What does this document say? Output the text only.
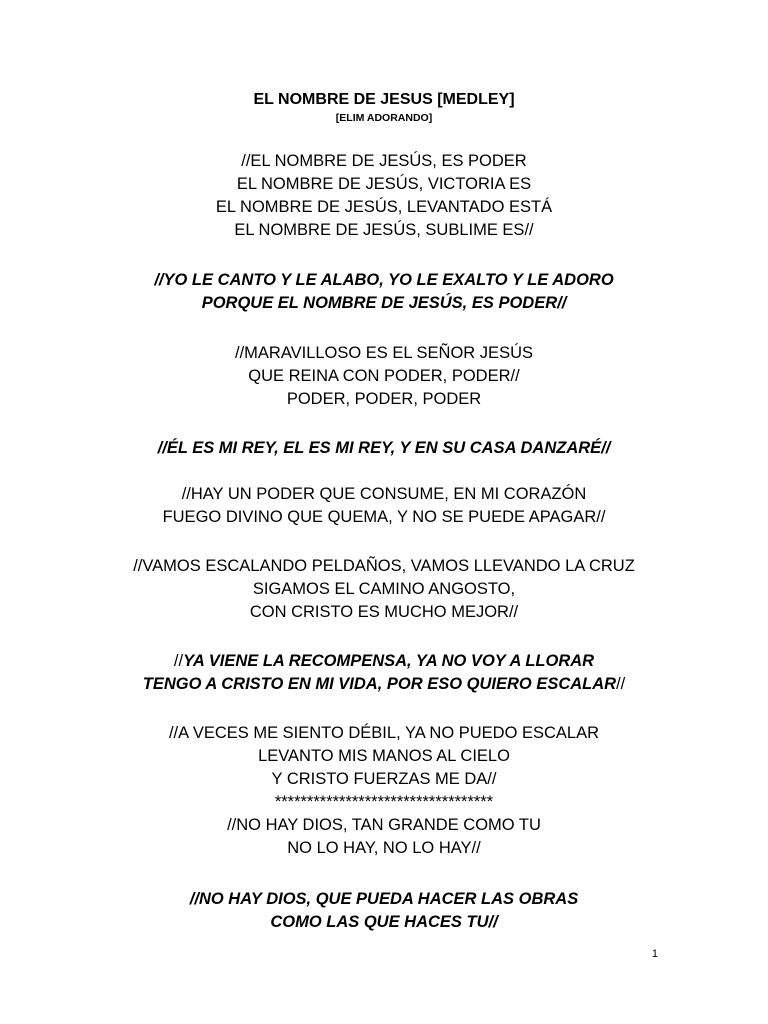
EL NOMBRE DE JESUS [MEDLEY]
[ELIM ADORANDO]
//EL NOMBRE DE JESÚS, ES PODER
EL NOMBRE DE JESÚS, VICTORIA ES
EL NOMBRE DE JESÚS, LEVANTADO ESTÁ
EL NOMBRE DE JESÚS, SUBLIME ES//
//YO LE CANTO Y LE ALABO, YO LE EXALTO Y LE ADORO
PORQUE EL NOMBRE DE JESÚS, ES PODER//
//MARAVILLOSO ES EL SEÑOR JESÚS
QUE REINA CON PODER, PODER//
PODER, PODER, PODER
//ÉL ES MI REY, EL ES MI REY, Y EN SU CASA DANZARÉ//
//HAY UN PODER QUE CONSUME, EN MI CORAZÓN
FUEGO DIVINO QUE QUEMA, Y NO SE PUEDE APAGAR//
//VAMOS ESCALANDO PELDAÑOS, VAMOS LLEVANDO LA CRUZ
SIGAMOS EL CAMINO ANGOSTO,
CON CRISTO ES MUCHO MEJOR//
//YA VIENE LA RECOMPENSA, YA NO VOY A LLORAR
TENGO A CRISTO EN MI VIDA, POR ESO QUIERO ESCALAR//
//A VECES ME SIENTO DÉBIL, YA NO PUEDO ESCALAR
LEVANTO MIS MANOS AL CIELO
Y CRISTO FUERZAS ME DA//
**********************************
//NO HAY DIOS, TAN GRANDE COMO TU
NO LO HAY, NO LO HAY//
//NO HAY DIOS, QUE PUEDA HACER LAS OBRAS
COMO LAS QUE HACES TU//
1
